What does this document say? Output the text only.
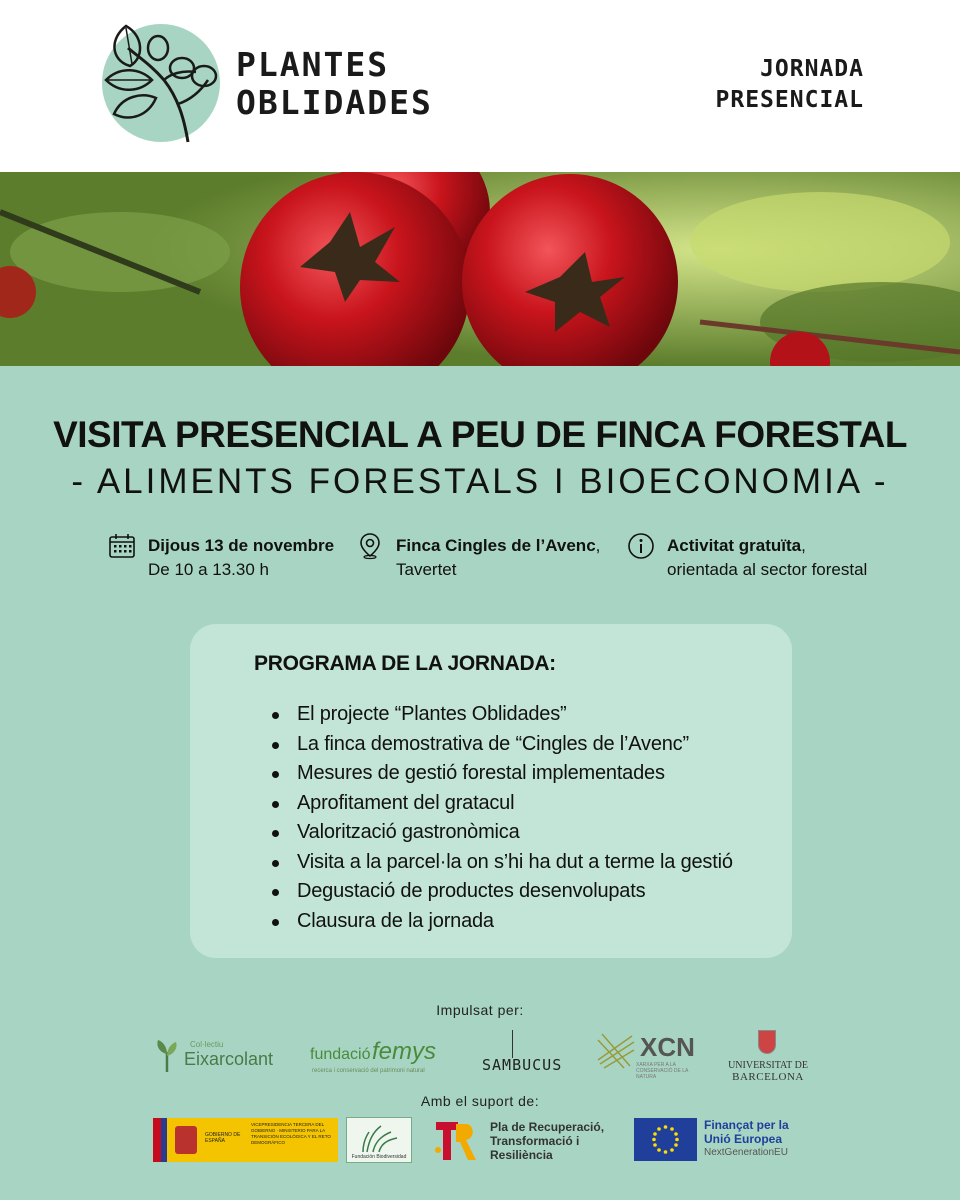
PLANTES
OBLIDADES
JORNADA
PRESENCIAL
VISITA PRESENCIAL A PEU DE FINCA FORESTAL
- ALIMENTS FORESTALS I BIOECONOMIA -
Dijous 13 de novembre
De 10 a 13.30 h
Finca Cingles de l’Avenc,
Tavertet
Activitat gratuïta,
orientada al sector forestal
PROGRAMA DE LA JORNADA:
El projecte “Plantes Oblidades”
La finca demostrativa de “Cingles de l’Avenc”
Mesures de gestió forestal implementades
Aprofitament del gratacul
Valorització gastronòmica
Visita a la parcel·la on s’hi ha dut a terme la gestió
Degustació de productes desenvolupats
Clausura de la jornada
Impulsat per:
Col·lectiu
Eixarcolant fundació femys
recerca i conservació del patrimoni natural	SAMBUCUS
XCN
XARXA PER A LA CONSERVACIÓ DE LA NATURA
UNIVERSITAT DE
BARCELONA
Amb el suport de:
GOBIERNO DE ESPAÑA
VICEPRESIDENCIA TERCERA DEL GOBIERNO · MINISTERIO PARA LA TRANSICIÓN ECOLÓGICA Y EL RETO DEMOGRÁFICO
Fundación Biodiversidad
Pla de Recuperació, Transformació i Resiliència
Finançat per la Unió Europea
NextGenerationEU
